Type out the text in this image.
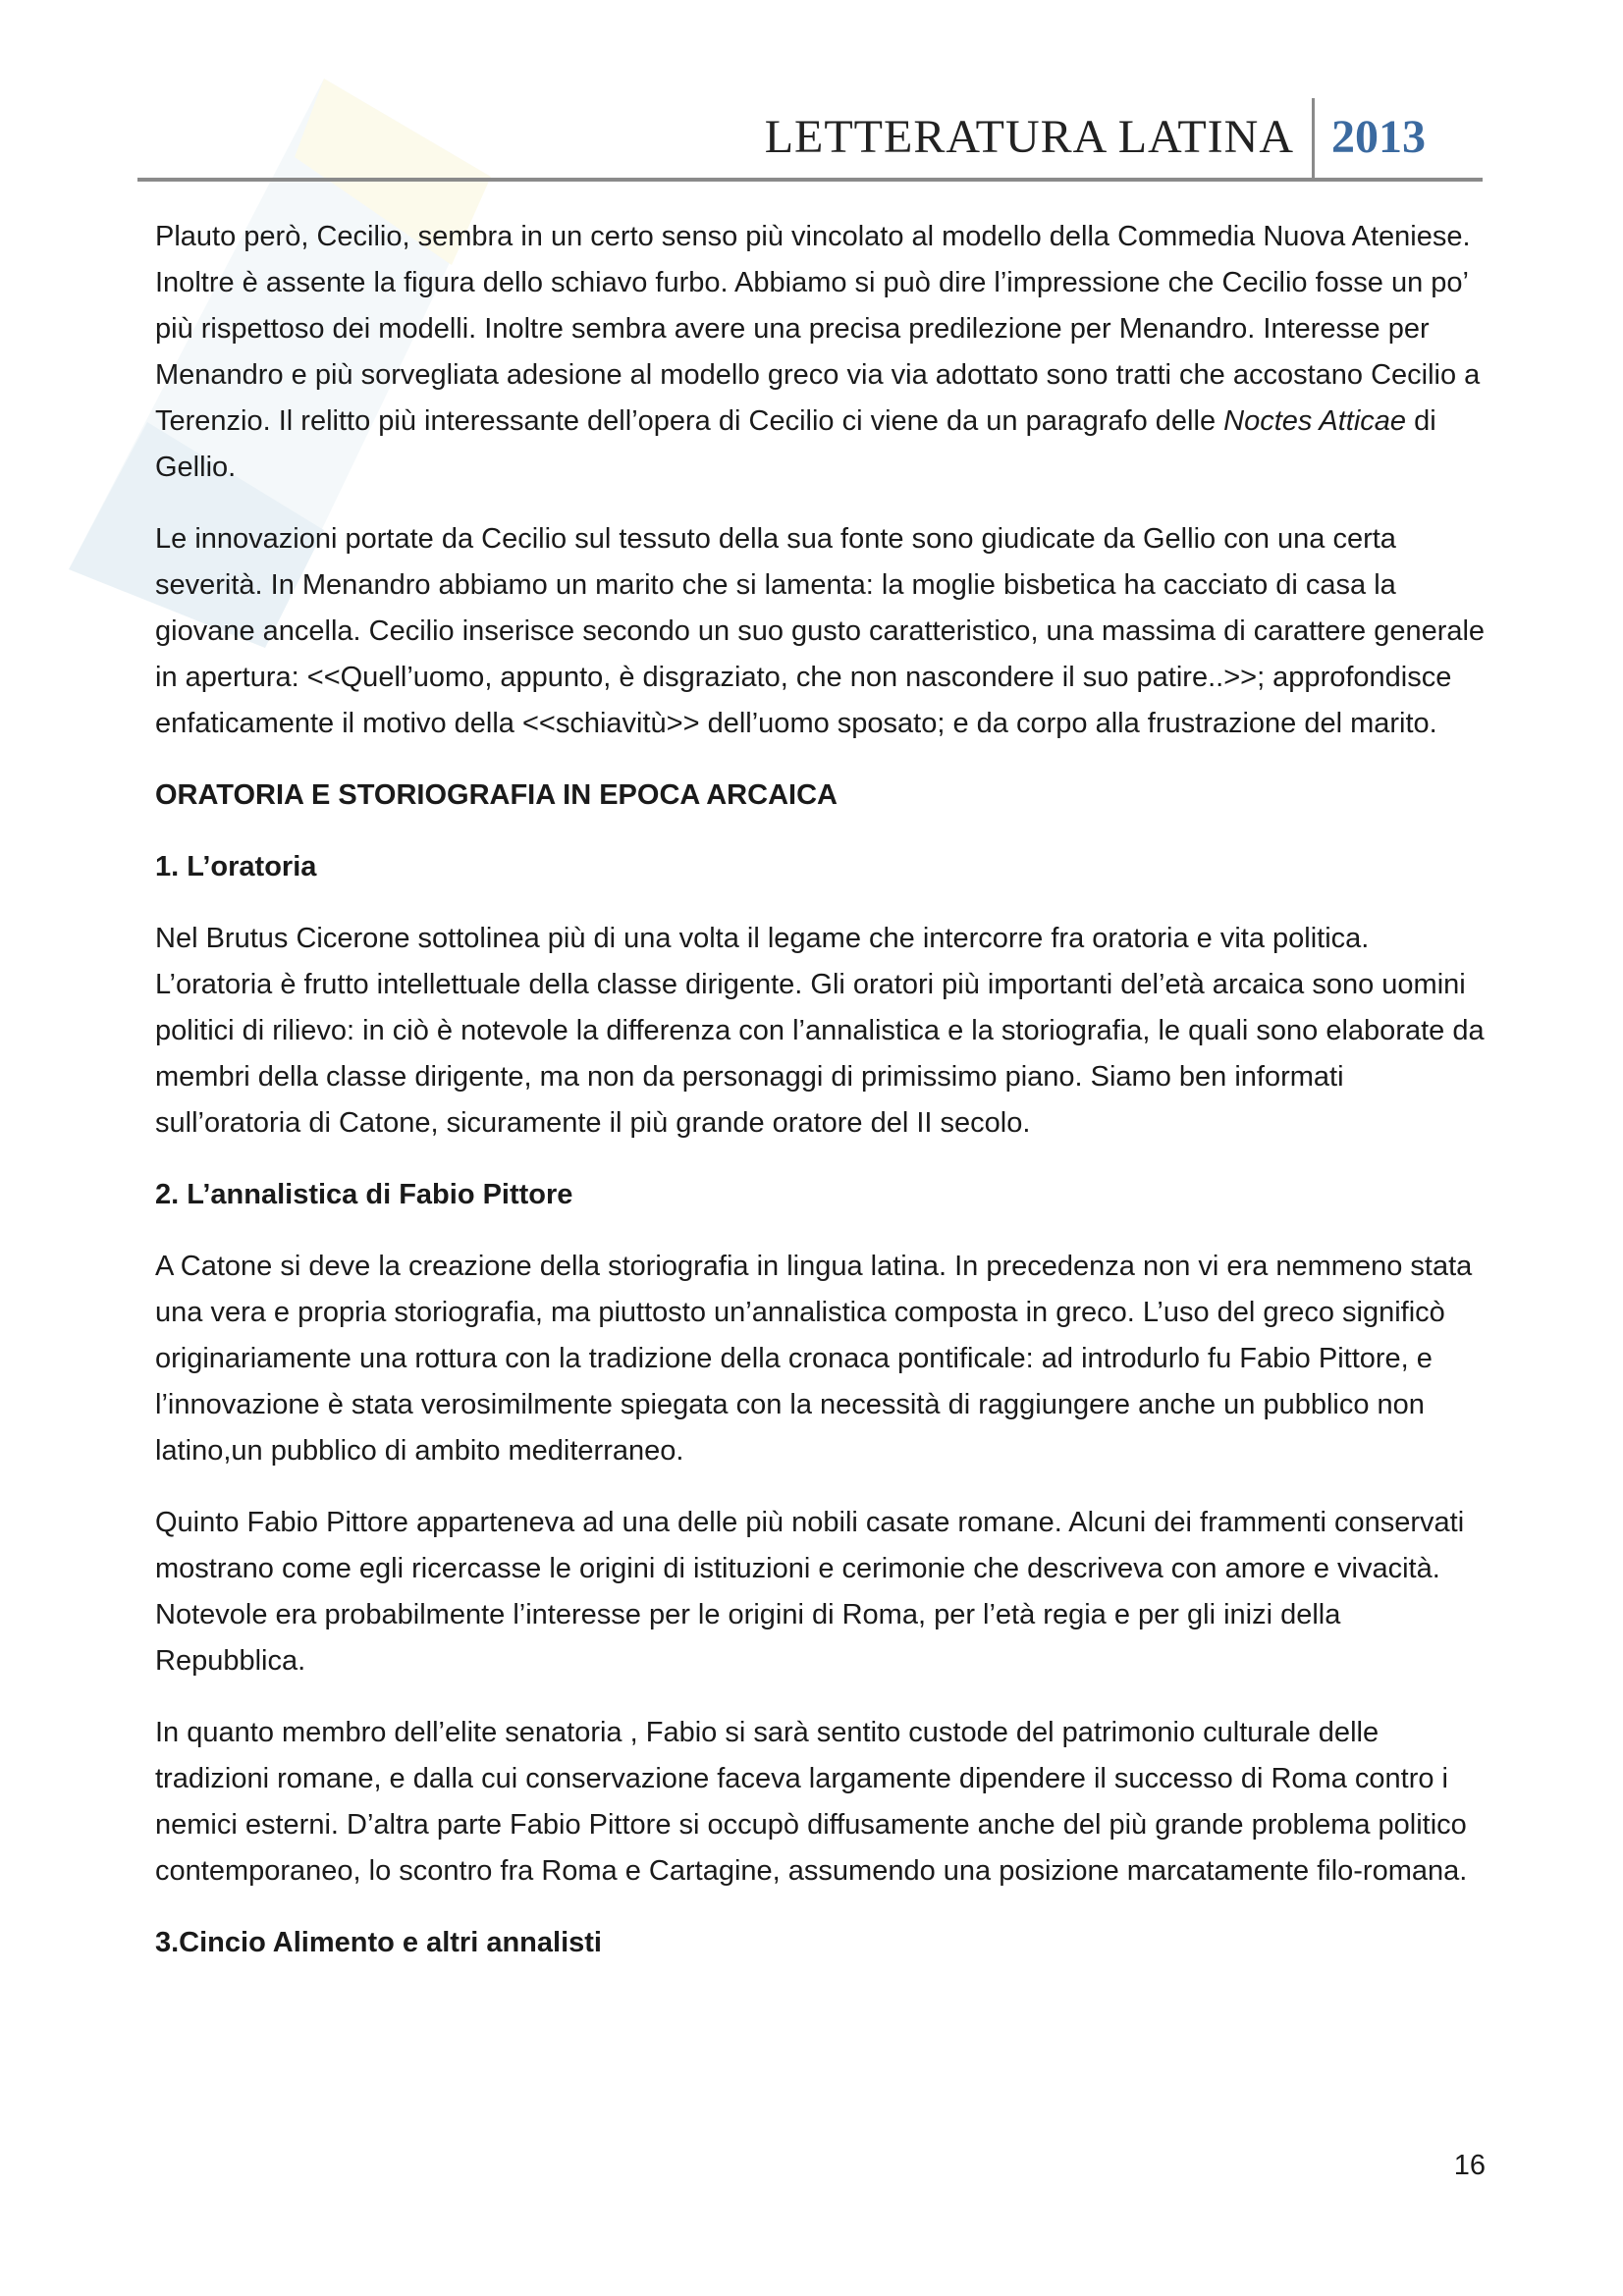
LETTERATURA LATINA 2013

Plauto però, Cecilio, sembra in un certo senso più vincolato al modello della Commedia Nuova Ateniese. Inoltre è assente la figura dello schiavo furbo. Abbiamo si può dire l’impressione che Cecilio fosse un po’ più rispettoso dei modelli. Inoltre sembra avere una precisa predilezione per Menandro. Interesse per Menandro e più sorvegliata adesione al modello greco via via adottato sono tratti che accostano Cecilio a Terenzio. Il relitto più interessante dell’opera di Cecilio ci viene da un paragrafo delle Noctes Atticae di Gellio.

Le innovazioni portate da Cecilio sul tessuto della sua fonte sono giudicate da Gellio con una certa severità. In Menandro abbiamo un marito che si lamenta: la moglie bisbetica ha cacciato di casa la giovane ancella. Cecilio inserisce secondo un suo gusto caratteristico, una massima di carattere generale in apertura: <<Quell’uomo, appunto, è disgraziato, che non nascondere il suo patire..>>; approfondisce enfaticamente il motivo della <<schiavitù>> dell’uomo sposato; e da corpo alla frustrazione del marito.

ORATORIA E STORIOGRAFIA IN EPOCA ARCAICA
1. L’oratoria

Nel Brutus Cicerone sottolinea più di una volta il legame che intercorre fra oratoria e vita politica. L’oratoria è frutto intellettuale della classe dirigente. Gli oratori più importanti del’età arcaica sono uomini politici di rilievo: in ciò è notevole la differenza con l’annalistica e la storiografia, le quali sono elaborate da membri della classe dirigente, ma non da personaggi di primissimo piano. Siamo ben informati sull’oratoria di Catone, sicuramente il più grande oratore del II secolo.

2. L’annalistica di Fabio Pittore

A Catone si deve la creazione della storiografia in lingua latina. In precedenza non vi era nemmeno stata una vera e propria storiografia, ma piuttosto un’annalistica composta in greco. L’uso del greco significò originariamente una rottura con la tradizione della cronaca pontificale: ad introdurlo fu Fabio Pittore, e l’innovazione è stata verosimilmente spiegata con la necessità di raggiungere anche un pubblico non latino,un pubblico di ambito mediterraneo.

Quinto Fabio Pittore apparteneva ad una delle più nobili casate romane. Alcuni dei frammenti conservati mostrano come egli ricercasse le origini di istituzioni e cerimonie che descriveva con amore e vivacità. Notevole era probabilmente l’interesse per le origini di Roma, per l’età regia e per gli inizi della Repubblica.

In quanto membro dell’elite senatoria , Fabio si sarà sentito custode del patrimonio culturale delle tradizioni romane, e dalla cui conservazione faceva largamente dipendere il successo di Roma contro i nemici esterni. D’altra parte Fabio Pittore si occupò diffusamente anche del più grande problema politico contemporaneo, lo scontro fra Roma e Cartagine, assumendo una posizione marcatamente filo-romana.

3.Cincio Alimento e altri annalisti
16
